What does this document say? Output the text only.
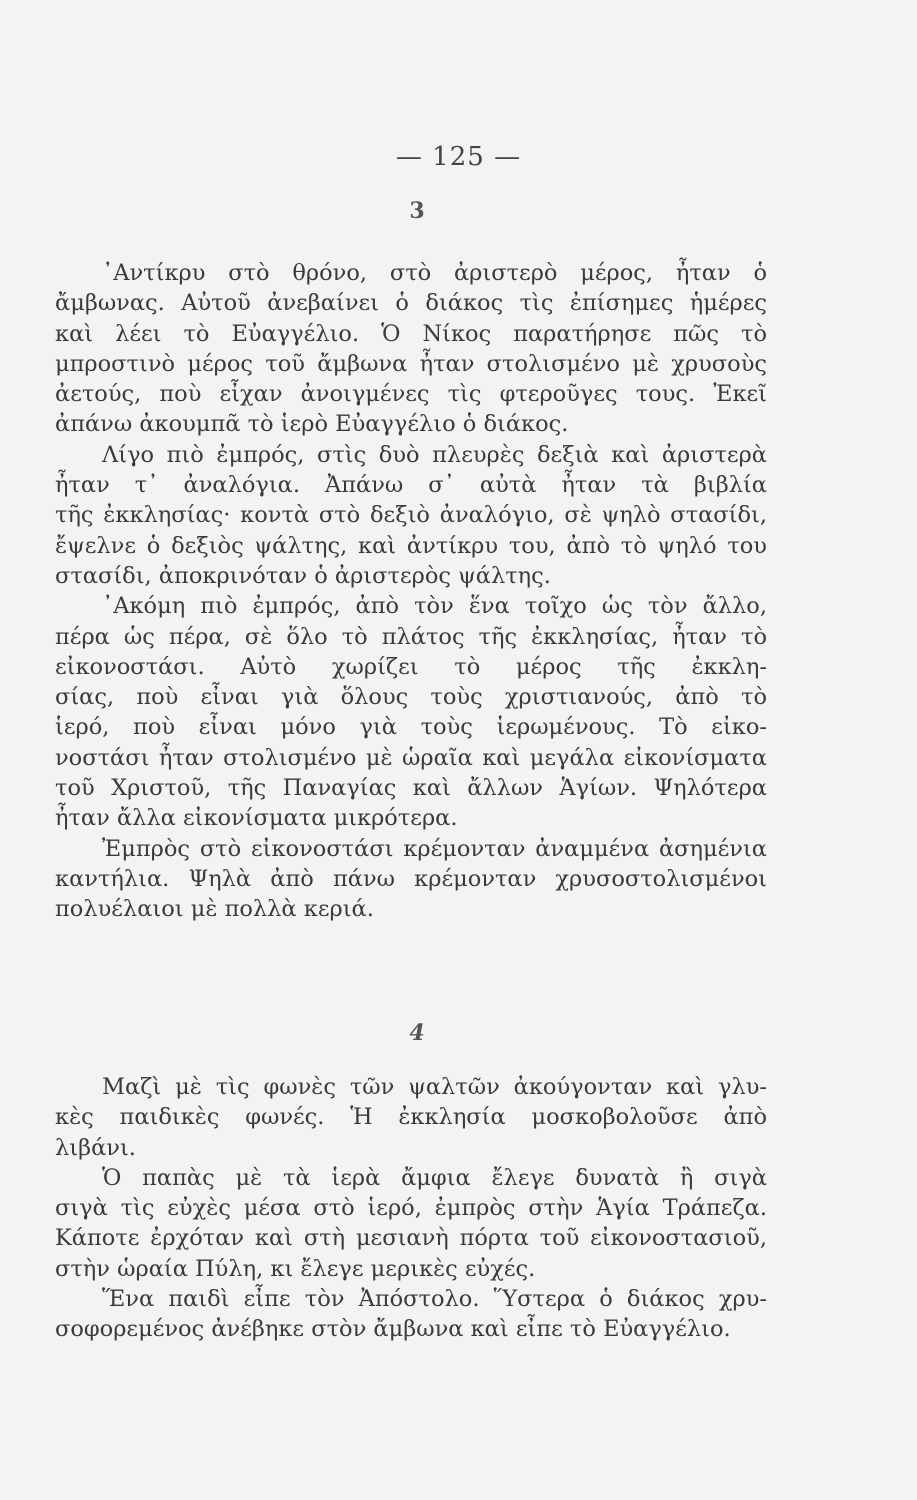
— 125 —
3
᾿Αντίκρυ στὸ θρόνο, στὸ ἀριστερὸ μέρος, ἦταν ὁ
ἄμβωνας. Αὐτοῦ ἀνεβαίνει ὁ διάκος τὶς ἐπίσημες ἡμέρες
καὶ λέει τὸ Εὐαγγέλιο. Ὁ Νίκος παρατήρησε πῶς τὸ
μπροστινὸ μέρος τοῦ ἄμβωνα ἦταν στολισμένο μὲ χρυσοὺς
ἀετούς, ποὺ εἶχαν ἀνοιγμένες τὶς φτεροῦγες τους. Ἐκεῖ
ἀπάνω ἀκουμπᾶ τὸ ἱερὸ Εὐαγγέλιο ὁ διάκος.
Λίγο πιὸ ἐμπρός, στὶς δυὸ πλευρὲς δεξιὰ καὶ ἀριστερὰ
ἦταν τ᾿ ἀναλόγια. Ἀπάνω σ᾿ αὐτὰ ἦταν τὰ βιβλία
τῆς ἐκκλησίας· κοντὰ στὸ δεξιὸ ἀναλόγιο, σὲ ψηλὸ στασίδι,
ἔψελνε ὁ δεξιὸς ψάλτης, καὶ ἀντίκρυ του, ἀπὸ τὸ ψηλό του
στασίδι, ἀποκρινόταν ὁ ἀριστερὸς ψάλτης.
᾿Ακόμη πιὸ ἐμπρός, ἀπὸ τὸν ἕνα τοῖχο ὡς τὸν ἄλλο,
πέρα ὡς πέρα, σὲ ὅλο τὸ πλάτος τῆς ἐκκλησίας, ἦταν τὸ
εἰκονοστάσι. Αὐτὸ χωρίζει τὸ μέρος τῆς ἐκκλη-
σίας, ποὺ εἶναι γιὰ ὅλους τοὺς χριστιανούς, ἀπὸ τὸ
ἱερό, ποὺ εἶναι μόνο γιὰ τοὺς ἱερωμένους. Τὸ εἰκο-
νοστάσι ἦταν στολισμένο μὲ ὡραῖα καὶ μεγάλα εἰκονίσματα
τοῦ Χριστοῦ, τῆς Παναγίας καὶ ἄλλων Ἁγίων. Ψηλότερα
ἦταν ἄλλα εἰκονίσματα μικρότερα.
Ἐμπρὸς στὸ εἰκονοστάσι κρέμονταν ἀναμμένα ἀσημένια
καντήλια. Ψηλὰ ἀπὸ πάνω κρέμονταν χρυσοστολισμένοι
πολυέλαιοι μὲ πολλὰ κεριά.
4
Μαζὶ μὲ τὶς φωνὲς τῶν ψαλτῶν ἀκούγονταν καὶ γλυ-
κὲς παιδικὲς φωνές. Ἡ ἐκκλησία μοσκοβολοῦσε ἀπὸ
λιβάνι.
Ὁ παπὰς μὲ τὰ ἱερὰ ἄμφια ἔλεγε δυνατὰ ἢ σιγὰ
σιγὰ τὶς εὐχὲς μέσα στὸ ἱερό, ἐμπρὸς στὴν Ἁγία Τράπεζα.
Κάποτε ἐρχόταν καὶ στὴ μεσιανὴ πόρτα τοῦ εἰκονοστασιοῦ,
στὴν ὡραία Πύλη, κι ἔλεγε μερικὲς εὐχές.
Ἕνα παιδὶ εἶπε τὸν Ἀπόστολο. Ὕστερα ὁ διάκος χρυ-
σοφορεμένος ἀνέβηκε στὸν ἄμβωνα καὶ εἶπε τὸ Εὐαγγέλιο.
